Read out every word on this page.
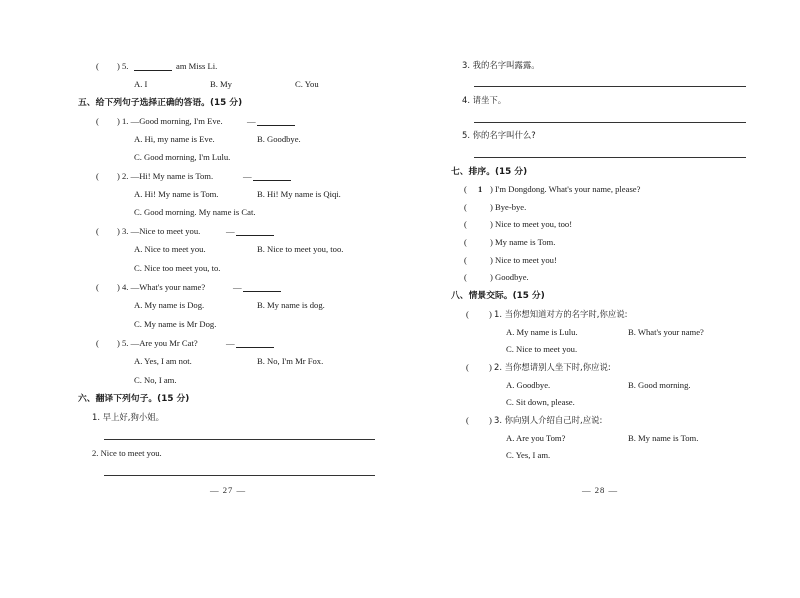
( ) 5.	am Miss Li.
A. I	B. My	C. You
五、给下列句子选择正确的答语。(15 分)
( ) 1. —Good morning, I'm Eve.	—
A. Hi, my name is Eve.	B. Goodbye.
C. Good morning, I'm Lulu.
( ) 2. —Hi! My name is Tom.	—
A. Hi! My name is Tom.	B. Hi! My name is Qiqi.
C. Good morning. My name is Cat.
( ) 3. —Nice to meet you.	—
A. Nice to meet you.	B. Nice to meet you, too.
C. Nice too meet you, to.
( ) 4. —What's your name?	—
A. My name is Dog.	B. My name is dog.
C. My name is Mr Dog.
( ) 5. —Are you Mr Cat?	—
A. Yes, I am not.	B. No, I'm Mr Fox.
C. No, I am.
六、翻译下列句子。(15 分)
1. 早上好,狗小姐。
2. Nice to meet you.
— 27 —
3. 我的名字叫露露。
4. 请坐下。
5. 你的名字叫什么?
七、排序。(15 分)
( 1 ) I'm Dongdong. What's your name, please?
(	) Bye-bye.
(	) Nice to meet you, too!
(	) My name is Tom.
(	) Nice to meet you!
(	) Goodbye.
八、情景交际。(15 分)
( ) 1. 当你想知道对方的名字时,你应说:
A. My name is Lulu.	B. What's your name?
C. Nice to meet you.
( ) 2. 当你想请别人坐下时,你应说:
A. Goodbye.	B. Good morning.
C. Sit down, please.
( ) 3. 你向别人介绍自己时,应说:
A. Are you Tom?	B. My name is Tom.
C. Yes, I am.
— 28 —
